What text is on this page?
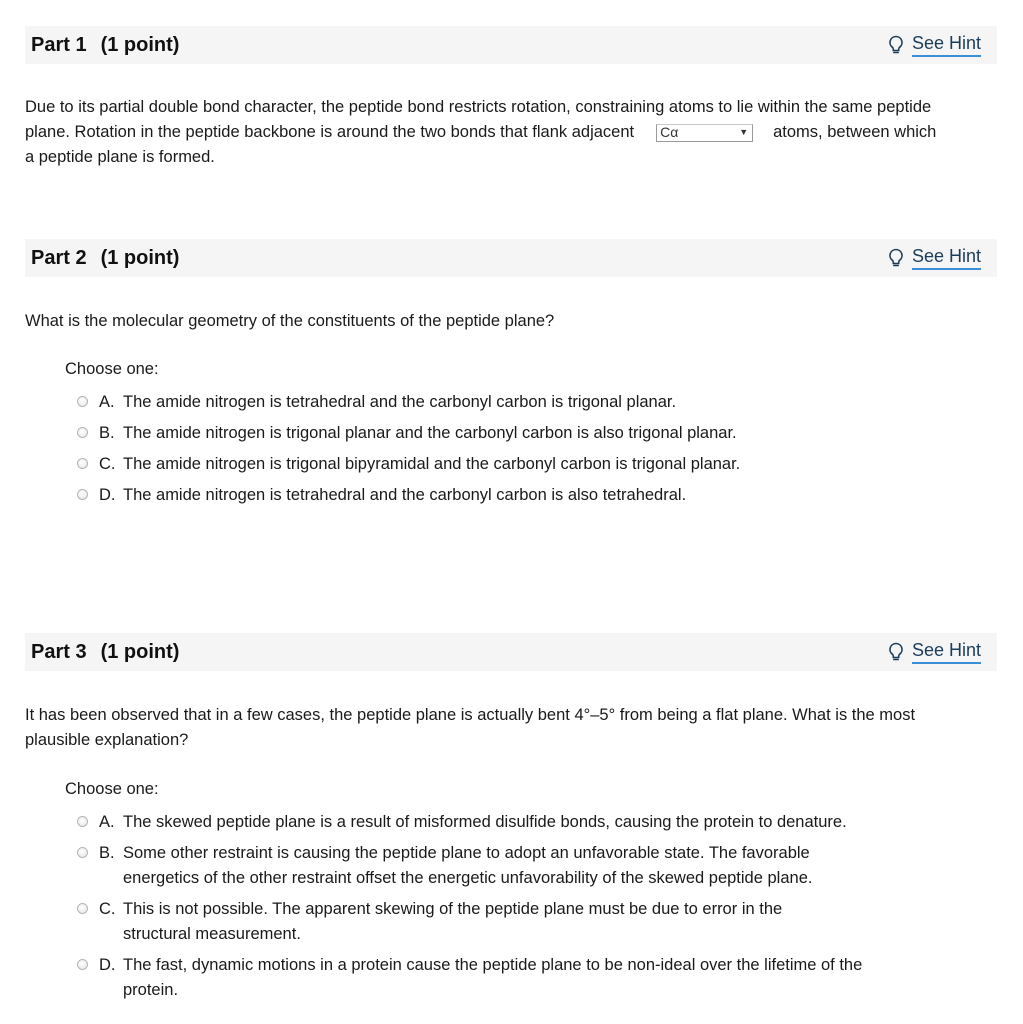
Part 1 (1 point)	See Hint
Due to its partial double bond character, the peptide bond restricts rotation, constraining atoms to lie within the same peptide plane. Rotation in the peptide backbone is around the two bonds that flank adjacent Cα	▼ atoms, between which a peptide plane is formed.
Part 2 (1 point)	See Hint
What is the molecular geometry of the constituents of the peptide plane?
Choose one:
A. The amide nitrogen is tetrahedral and the carbonyl carbon is trigonal planar.
B. The amide nitrogen is trigonal planar and the carbonyl carbon is also trigonal planar.
C. The amide nitrogen is trigonal bipyramidal and the carbonyl carbon is trigonal planar.
D. The amide nitrogen is tetrahedral and the carbonyl carbon is also tetrahedral.
Part 3 (1 point)	See Hint
It has been observed that in a few cases, the peptide plane is actually bent 4°–5° from being a flat plane. What is the most plausible explanation?
Choose one:
A. The skewed peptide plane is a result of misformed disulfide bonds, causing the protein to denature.
B. Some other restraint is causing the peptide plane to adopt an unfavorable state. The favorable energetics of the other restraint offset the energetic unfavorability of the skewed peptide plane.
C. This is not possible. The apparent skewing of the peptide plane must be due to error in the structural measurement.
D. The fast, dynamic motions in a protein cause the peptide plane to be non-ideal over the lifetime of the protein.
